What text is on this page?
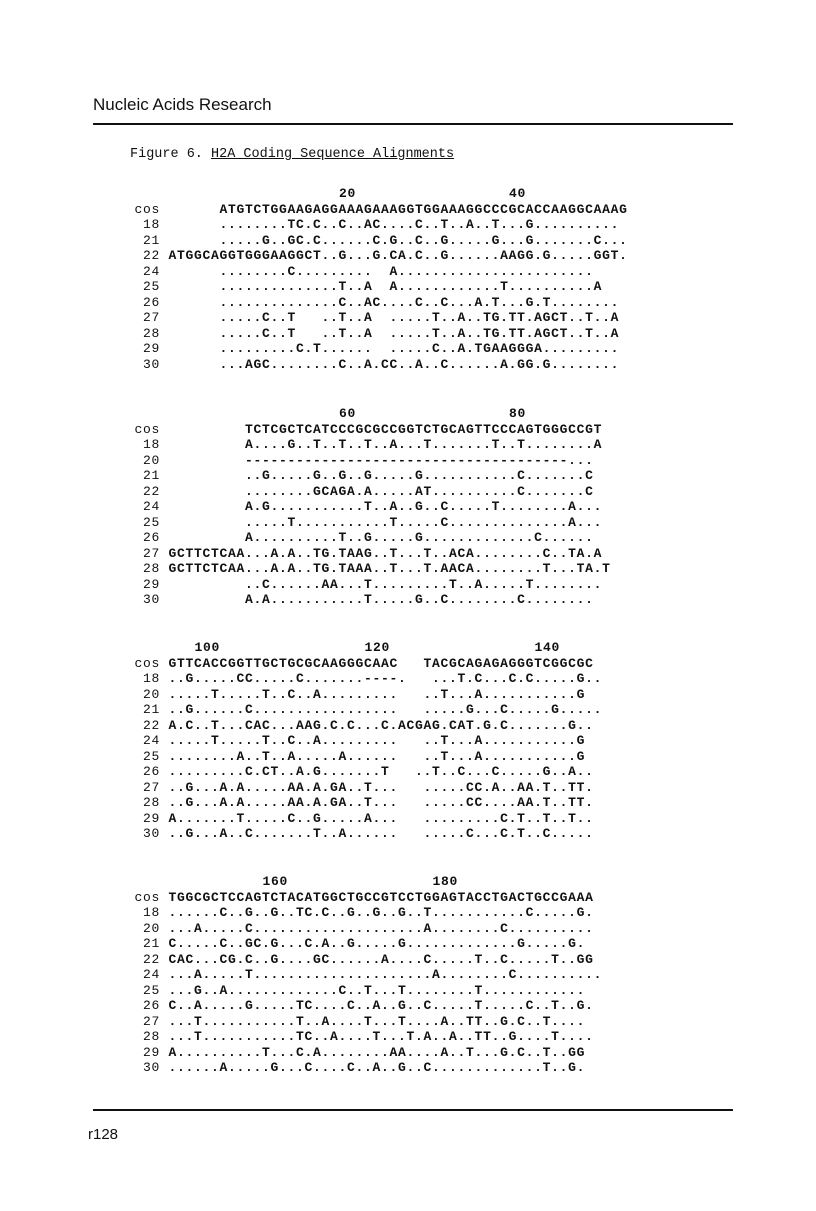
Nucleic Acids Research
Figure 6. H2A Coding Sequence Alignments
20                  40
cos       ATGTCTGGAAGAGGAAAGAAAGGTGGAAAGGCCCGCACCAAGGCAAAG
18       ........TC.C..C..AC....C..T..A..T...G..........
21       .....G..GC.C......C.G..C..G.....G...G.......C...
22 ATGGCAGGTGGGAAGGCT..G...G.CA.C..G......AAGG.G.....GGT.
24       ........C.........  A.......................
25       ..............T..A  A............T..........A
26       ..............C..AC....C..C...A.T...G.T........
27       .....C..T   ..T..A  .....T..A..TG.TT.AGCT..T..A
28       .....C..T   ..T..A  .....T..A..TG.TT.AGCT..T..A
29       .........C.T......  .....C..A.TGAAGGGA.........
30       ...AGC........C..A.CC..A..C......A.GG.G........
60                  80
cos          TCTCGCTCATCCCGCGCCGGTCTGCAGTTCCCAGTGGGCCGT
18          A....G..T..T..T..A...T.......T..T........A
20          --------------------------------------...
21          ..G.....G..G..G.....G...........C.......C
22          ........GCAGA.A.....AT..........C.......C
24          A.G...........T..A..G..C.....T........A...
25          .....T...........T.....C..............A...
26          A..........T..G.....G.............C......
27 GCTTCTCAA...A.A..TG.TAAG..T...T..ACA........C..TA.A
28 GCTTCTCAA...A.A..TG.TAAA..T...T.AACA........T...TA.T
29          ..C......AA...T.........T..A.....T........
30          A.A...........T.....G..C........C........
100                 120                 140
cos GTTCACCGGTTGCTGCGCAAGGGCAAC   TACGCAGAGAGGGTCGGCGC
18 ..G.....CC.....C.......----.   ...T.C...C.C.....G..
20 .....T.....T..C..A.........   ..T...A...........G
21 ..G......C.................   .....G...C.....G.....
22 A.C..T...CAC...AAG.C.C...C.ACGAG.CAT.G.C.......G..
24 .....T.....T..C..A.........   ..T...A...........G
25 ........A..T..A.....A......   ..T...A...........G
26 .........C.CT..A.G.......T   ..T..C...C.....G..A..
27 ..G...A.A.....AA.A.GA..T...   .....CC.A..AA.T..TT.
28 ..G...A.A.....AA.A.GA..T...   .....CC....AA.T..TT.
29 A.......T.....C..G.....A...   .........C.T..T..T..
30 ..G...A..C.......T..A......   .....C...C.T..C.....
160                 180
cos TGGCGCTCCAGTCTACATGGCTGCCGTCCTGGAGTACCTGACTGCCGAAA
18 ......C..G..G..TC.C..G..G..G..T...........C.....G.
20 ...A.....C....................A........C..........
21 C.....C..GC.G...C.A..G.....G.............G.....G.
22 CAC...CG.C..G....GC......A....C.....T..C.....T..GG
24 ...A.....T.....................A........C..........
25 ...G..A.............C..T...T........T............
26 C..A.....G.....TC....C..A..G..C.....T.....C..T..G.
27 ...T...........T..A....T...T....A..TT..G.C..T....
28 ...T...........TC..A....T...T.A..A..TT..G....T....
29 A..........T...C.A........AA....A..T...G.C..T..GG
30 ......A.....G...C....C..A..G..C.............T..G.
r128
